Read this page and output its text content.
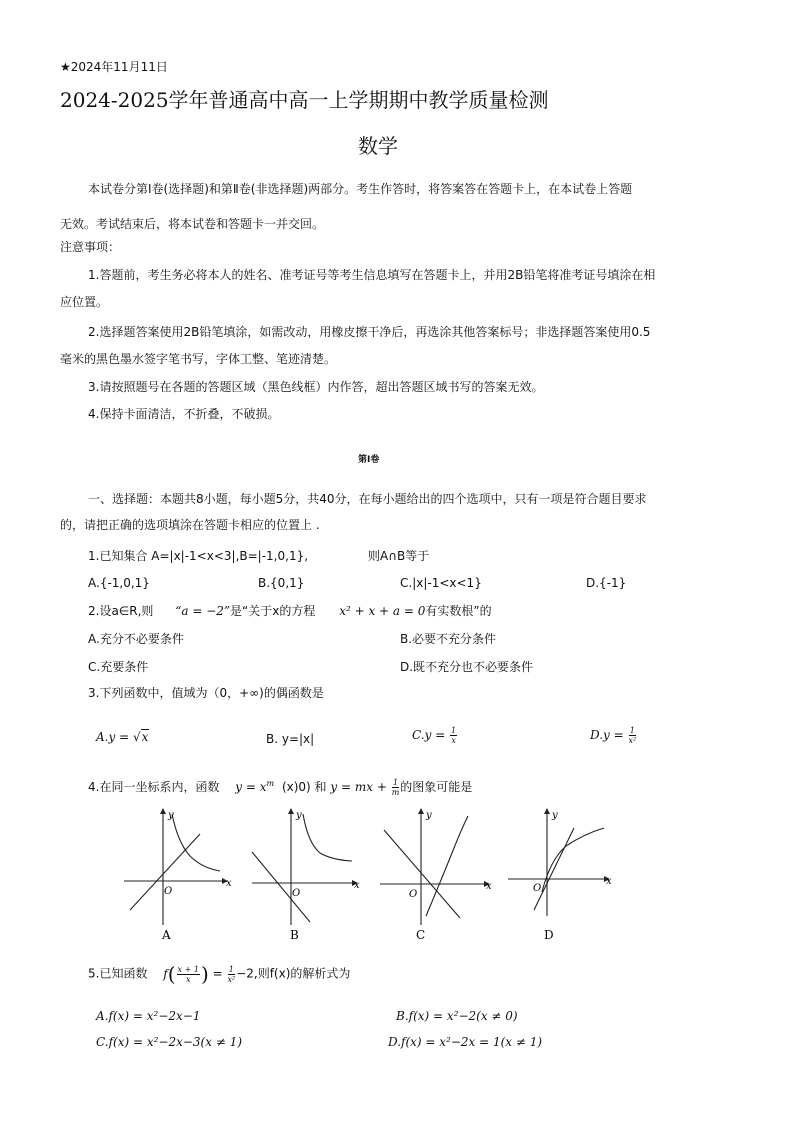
★2024年11月11日
2024-2025学年普通高中高一上学期期中教学质量检测
数学
本试卷分第Ⅰ卷(选择题)和第Ⅱ卷(非选择题)两部分。考生作答时，将答案答在答题卡上，在本试卷上答题
无效。考试结束后，将本试卷和答题卡一并交回。
注意事项：
1.答题前，考生务必将本人的姓名、准考证号等考生信息填写在答题卡上，并用2B铅笔将准考证号填涂在相
应位置。
2.选择题答案使用2B铅笔填涂，如需改动，用橡皮擦干净后，再选涂其他答案标号；非选择题答案使用0.5
毫米的黑色墨水签字笔书写，字体工整、笔迹清楚。
3.请按照题号在各题的答题区域（黑色线框）内作答，超出答题区域书写的答案无效。
4.保持卡面清洁，不折叠，不破损。
第Ⅰ卷
一、选择题：本题共8小题，每小题5分，共40分，在每小题给出的四个选项中，只有一项是符合题目要求
的，请把正确的选项填涂在答题卡相应的位置上 .
1.已知集合 A=|x|-1<x<3|,B=|-1,0,1},	则A∩B等于
A.{-1,0,1}	B.{0,1}	C.|x|-1<x<1}	D.{-1}
2.设a∈R,则 “a = −2”是“关于x的方程 x² + x + a = 0有实数根”的
A.充分不必要条件	B.必要不充分条件
C.充要条件	D.既不充分也不必要条件
3.下列函数中，值域为（0，+∞)的偶函数是
A.y = √x	B. y=|x|	$C.y = \frac{1}{x}$	$D.y = \frac{1}{\text{x²}}$
4.在同一坐标系内，函数 $y = x^m$ (x)0) 和 y = mx + $\frac{1}{m}$ 的图象可能是
x
y
O
A
x
y
O
B
x
y
O
C
x
y
O
D
5.已知函数 $f( \frac{x + 1}{x}$ ) = $\frac{1}{\text{x²}} -2$,则f(x)的解析式为
A.f(x) = x²−2x−1	B.f(x) = x²−2(x ≠ 0)
C.f(x) = x²−2x−3(x ≠ 1)	D.f(x) = x²−2x = 1(x ≠ 1)
